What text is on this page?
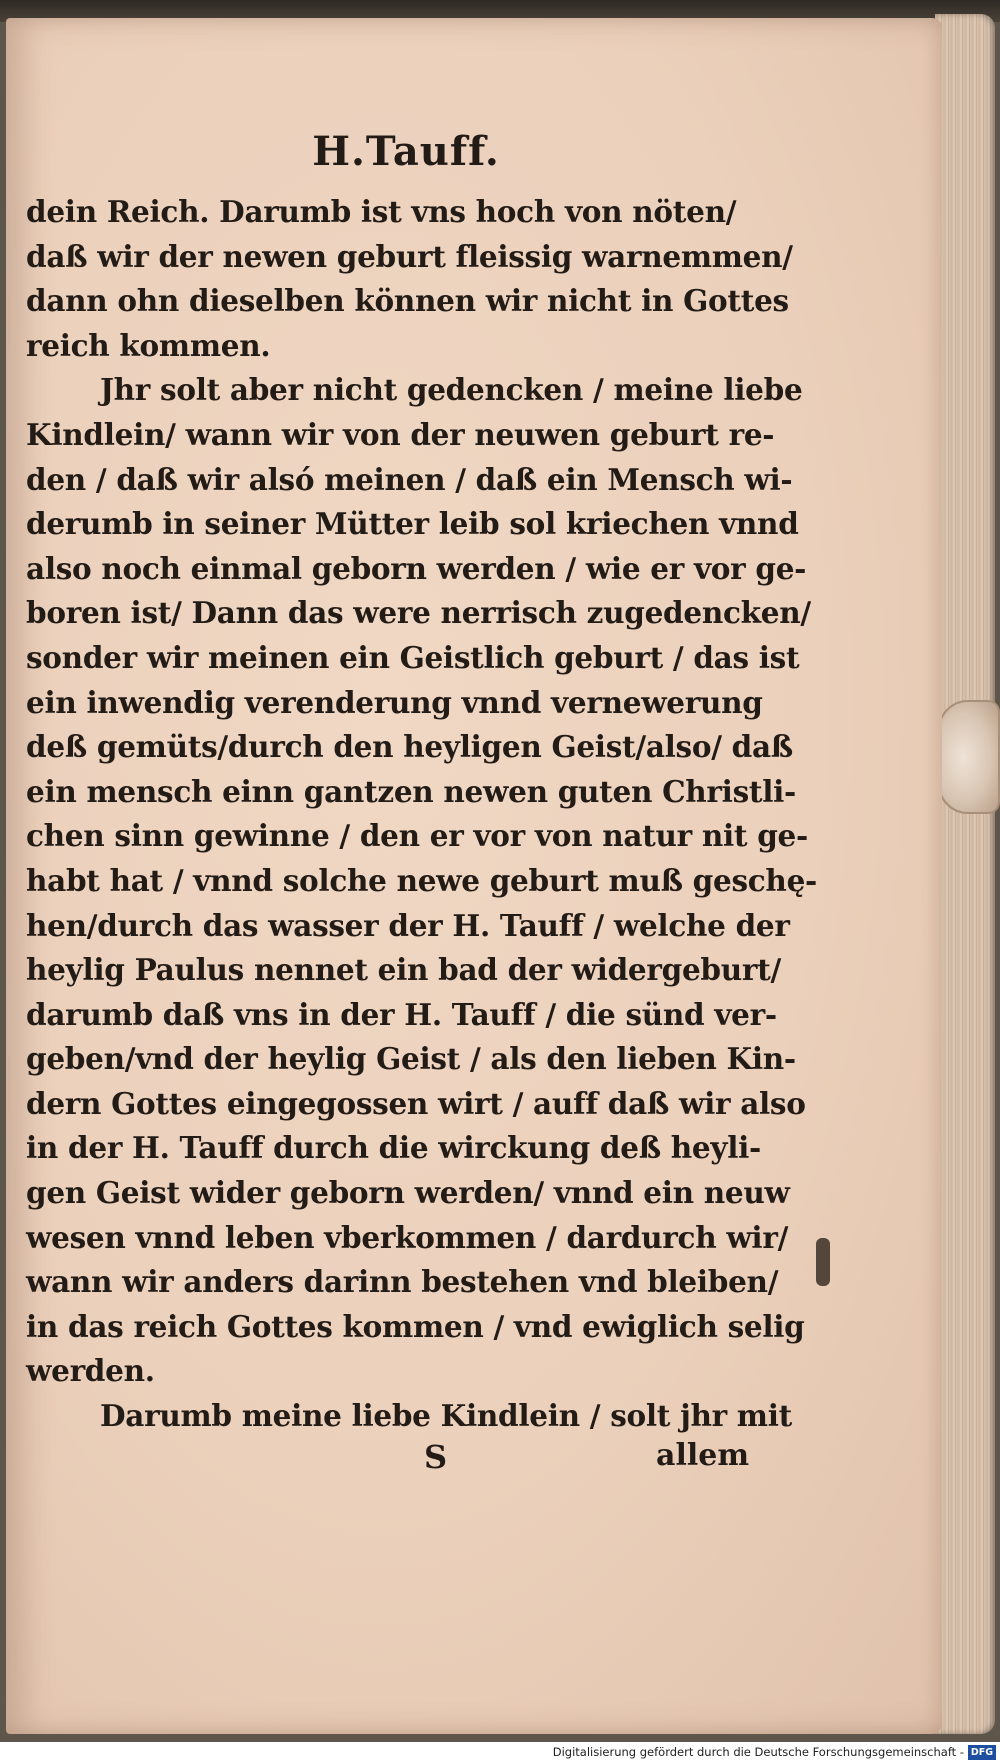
H.Tauff.
dein Reich. Darumb ist vns hoch von nöten/
daß wir der newen geburt fleissig warnemmen/
dann ohn dieselben können wir nicht in Gottes
reich kommen.
Jhr solt aber nicht gedencken / meine liebe
Kindlein/ wann wir von der neuwen geburt re-
den / daß wir alsó meinen / daß ein Mensch wi-
derumb in seiner Mütter leib sol kriechen vnnd
also noch einmal geborn werden / wie er vor ge-
boren ist/ Dann das were nerrisch zugedencken/
sonder wir meinen ein Geistlich geburt / das ist
ein inwendig verenderung vnnd vernewerung
deß gemüts/durch den heyligen Geist/also/ daß
ein mensch einn gantzen newen guten Christli-
chen sinn gewinne / den er vor von natur nit ge-
habt hat / vnnd solche newe geburt muß geschę-
hen/durch das wasser der H. Tauff / welche der
heylig Paulus nennet ein bad der widergeburt/
darumb daß vns in der H. Tauff / die sünd ver-
geben/vnd der heylig Geist / als den lieben Kin-
dern Gottes eingegossen wirt / auff daß wir also
in der H. Tauff durch die wirckung deß heyli-
gen Geist wider geborn werden/ vnnd ein neuw
wesen vnnd leben vberkommen / dardurch wir/
wann wir anders darinn bestehen vnd bleiben/
in das reich Gottes kommen / vnd ewiglich selig
werden.
Darumb meine liebe Kindlein / solt jhr mit
S	allem
Digitalisierung gefördert durch die Deutsche Forschungsgemeinschaft - DFG
